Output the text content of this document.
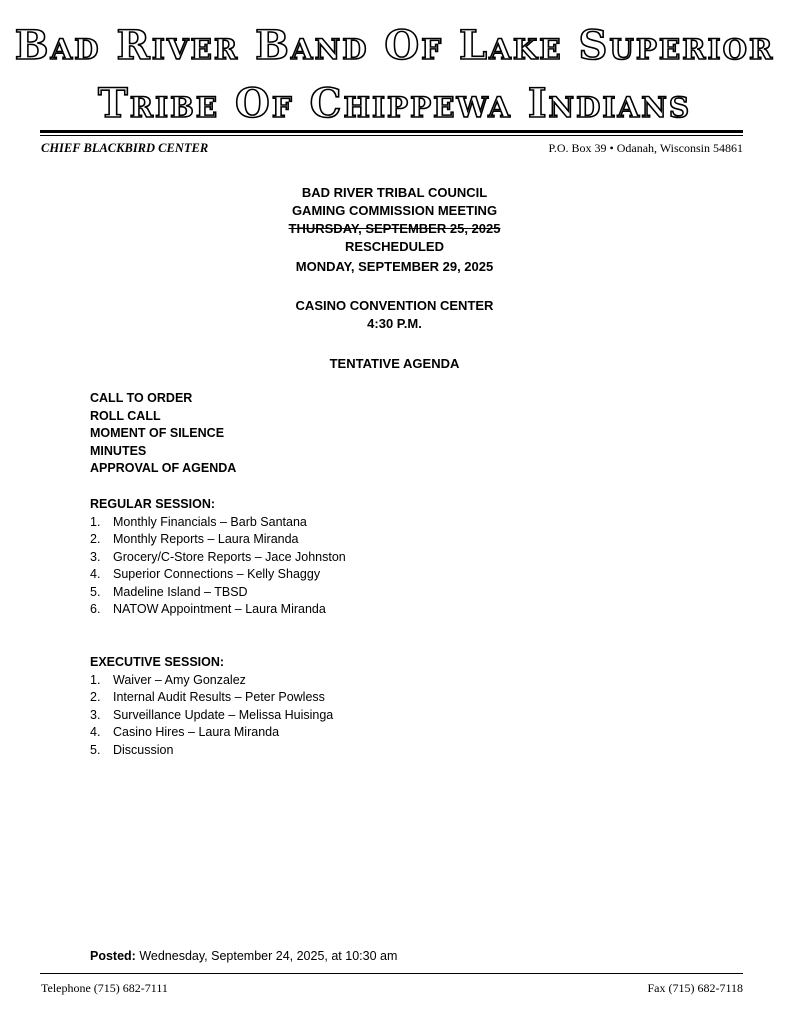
Bad River Band Of Lake Superior
Tribe Of Chippewa Indians
CHIEF BLACKBIRD CENTER	P.O. Box 39 • Odanah, Wisconsin 54861
BAD RIVER TRIBAL COUNCIL
GAMING COMMISSION MEETING
THURSDAY, SEPTEMBER 25, 2025
RESCHEDULED
MONDAY, SEPTEMBER 29, 2025
CASINO CONVENTION CENTER
4:30 P.M.
TENTATIVE AGENDA
CALL TO ORDER
ROLL CALL
MOMENT OF SILENCE
MINUTES
APPROVAL OF AGENDA
REGULAR SESSION:
1. Monthly Financials – Barb Santana
2. Monthly Reports – Laura Miranda
3. Grocery/C-Store Reports – Jace Johnston
4. Superior Connections – Kelly Shaggy
5. Madeline Island – TBSD
6. NATOW Appointment – Laura Miranda
EXECUTIVE SESSION:
1. Waiver – Amy Gonzalez
2. Internal Audit Results – Peter Powless
3. Surveillance Update – Melissa Huisinga
4. Casino Hires – Laura Miranda
5. Discussion
Posted: Wednesday, September 24, 2025, at 10:30 am
Telephone (715) 682-7111	Fax (715) 682-7118
